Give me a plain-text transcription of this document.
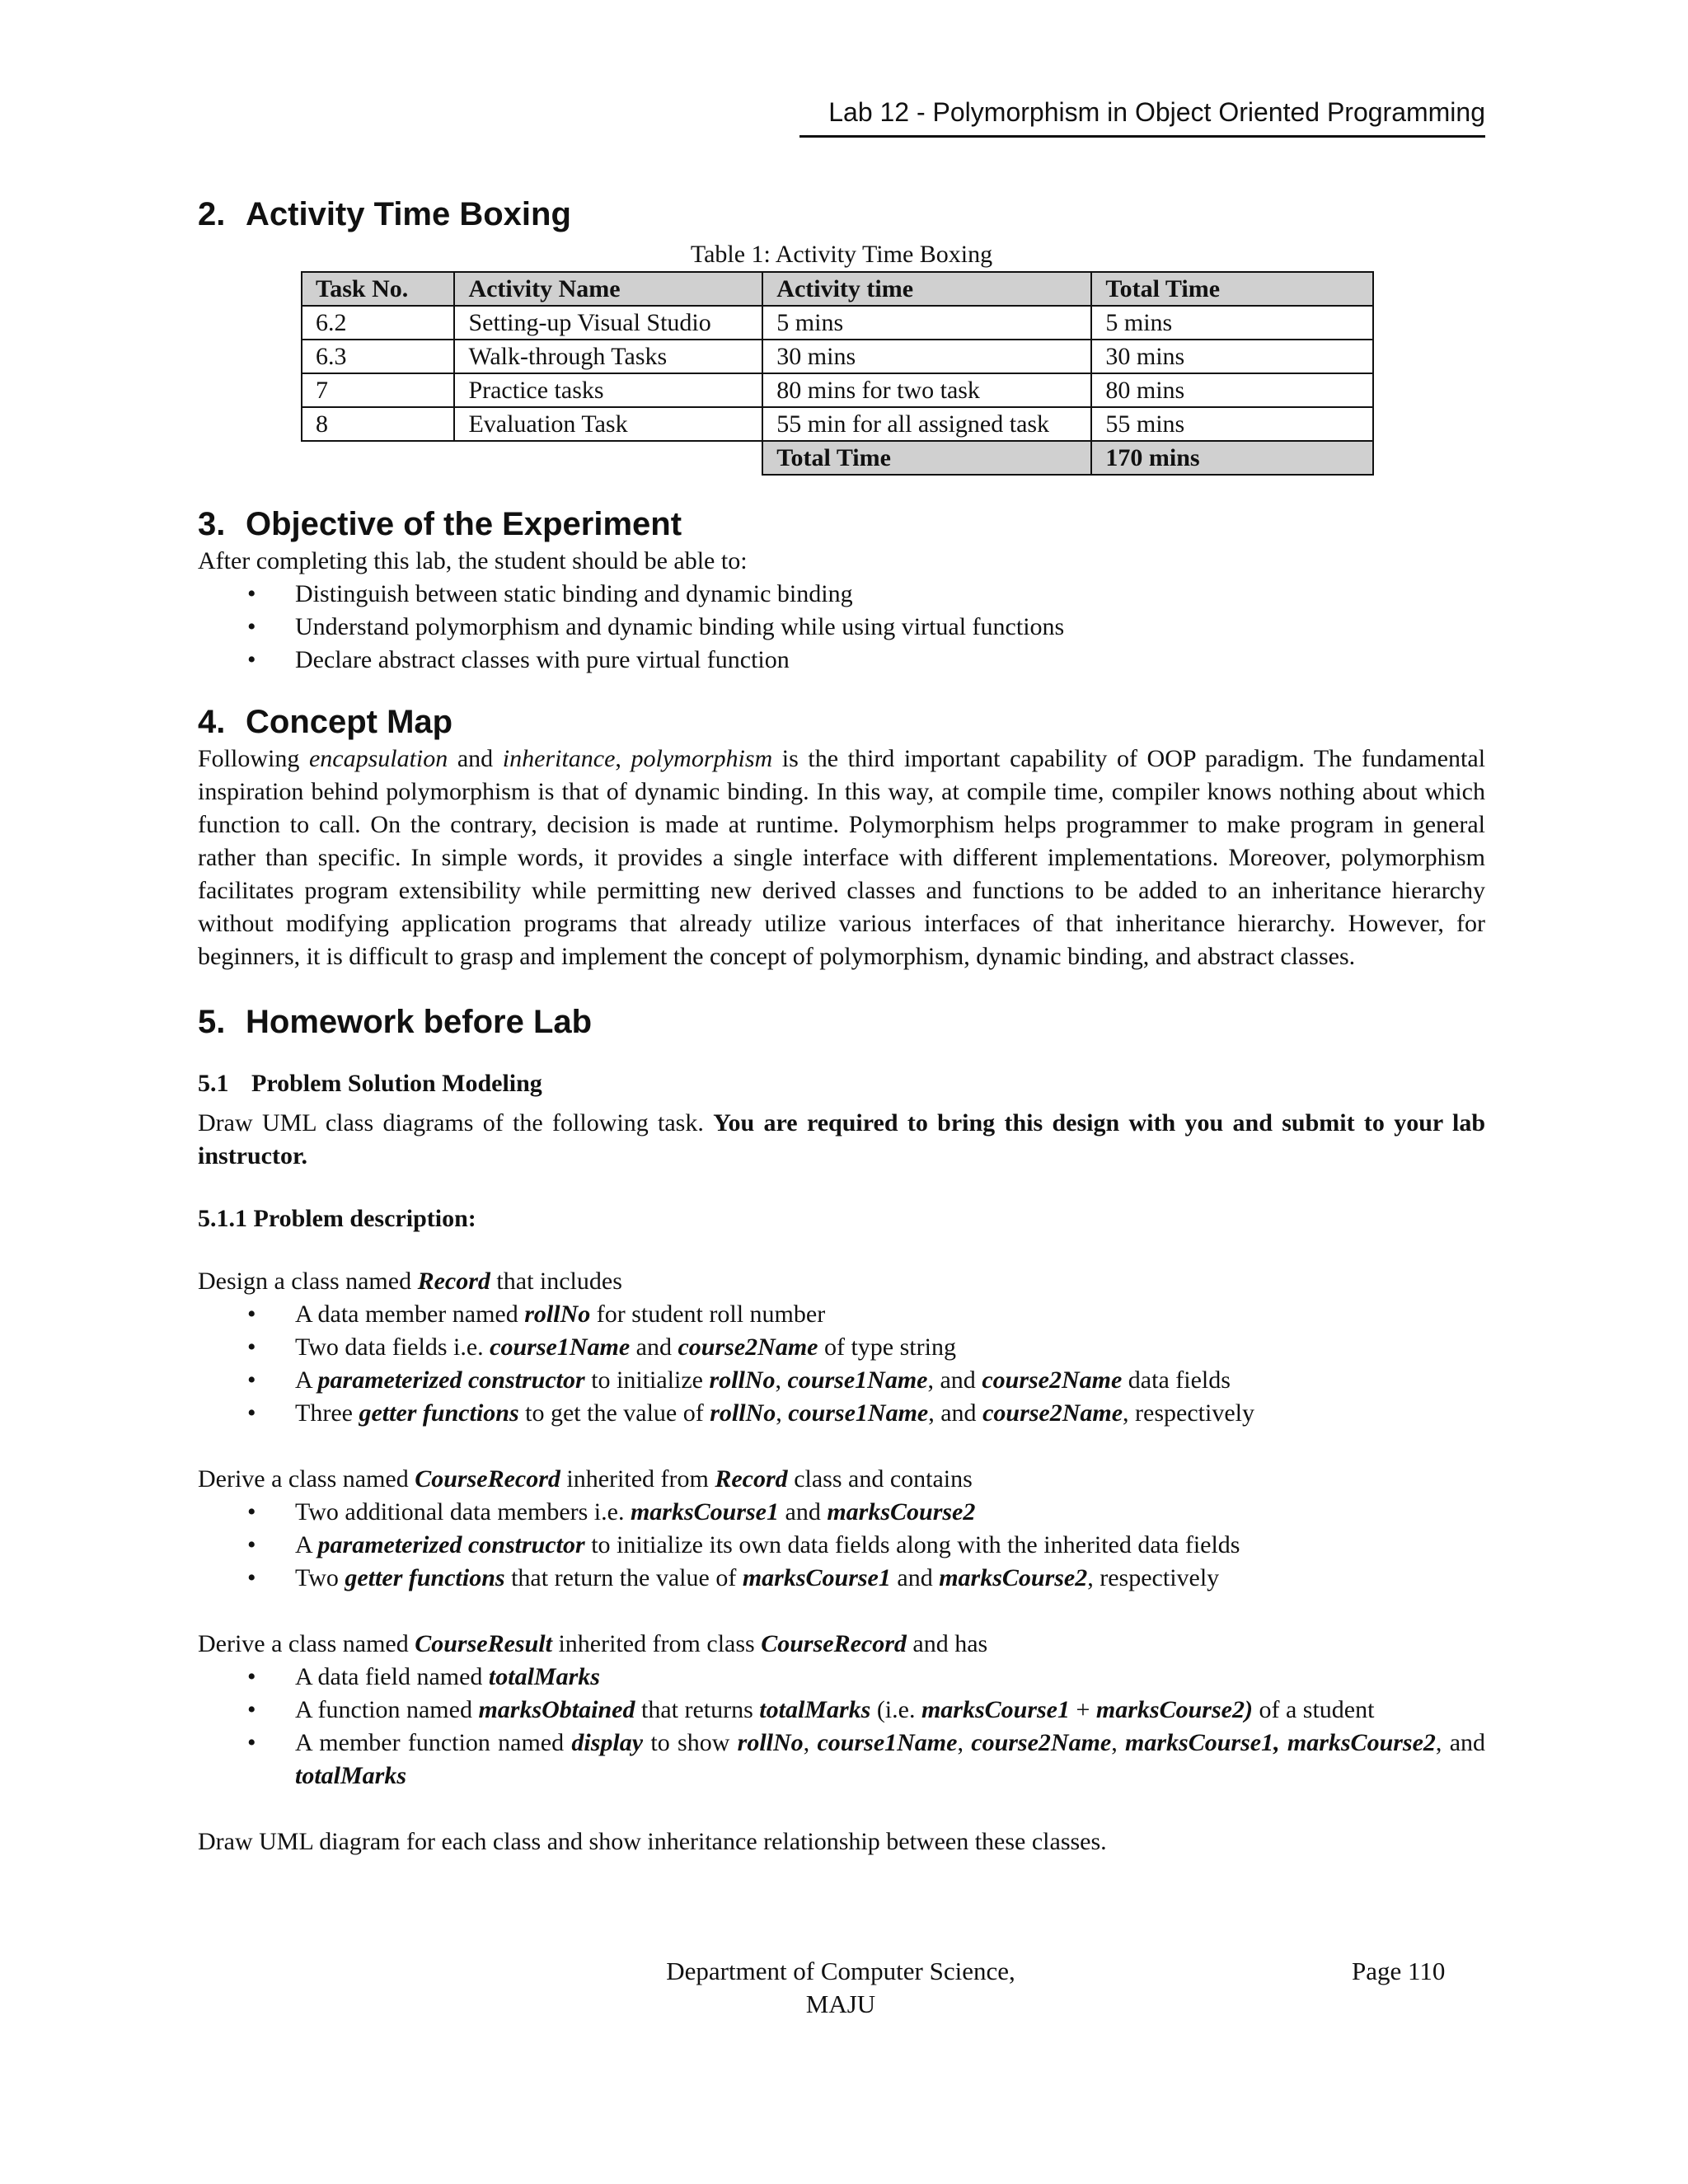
Lab 12 - Polymorphism in Object Oriented Programming
2. Activity Time Boxing

Table 1: Activity Time Boxing

Task No.	Activity Name	Activity time	Total Time
6.2	Setting-up Visual Studio	5 mins	5 mins
6.3	Walk-through Tasks	30 mins	30 mins
7	Practice tasks	80 mins for two task	80 mins
8	Evaluation Task	55 min for all assigned task	55 mins
		Total Time	170 mins
3. Objective of the Experiment

After completing this lab, the student should be able to:

• Distinguish between static binding and dynamic binding
• Understand polymorphism and dynamic binding while using virtual functions
• Declare abstract classes with pure virtual function
4. Concept Map

Following encapsulation and inheritance, polymorphism is the third important capability of OOP paradigm. The fundamental inspiration behind polymorphism is that of dynamic binding. In this way, at compile time, compiler knows nothing about which function to call. On the contrary, decision is made at runtime. Polymorphism helps programmer to make program in general rather than specific. In simple words, it provides a single interface with different implementations. Moreover, polymorphism facilitates program extensibility while permitting new derived classes and functions to be added to an inheritance hierarchy without modifying application programs that already utilize various interfaces of that inheritance hierarchy. However, for beginners, it is difficult to grasp and implement the concept of polymorphism, dynamic binding, and abstract classes.

5. Homework before Lab

5.1 Problem Solution Modeling

Draw UML class diagrams of the following task. You are required to bring this design with you and submit to your lab instructor.

5.1.1 Problem description:

Design a class named Record that includes

• A data member named rollNo for student roll number
• Two data fields i.e. course1Name and course2Name of type string
• A parameterized constructor to initialize rollNo, course1Name, and course2Name data fields
• Three getter functions to get the value of rollNo, course1Name, and course2Name, respectively

Derive a class named CourseRecord inherited from Record class and contains

• Two additional data members i.e. marksCourse1 and marksCourse2
• A parameterized constructor to initialize its own data fields along with the inherited data fields
• Two getter functions that return the value of marksCourse1 and marksCourse2, respectively

Derive a class named CourseResult inherited from class CourseRecord and has

• A data field named totalMarks
• A function named marksObtained that returns totalMarks (i.e. marksCourse1 + marksCourse2) of a student
• A member function named display to show rollNo, course1Name, course2Name, marksCourse1, marksCourse2, and totalMarks

Draw UML diagram for each class and show inheritance relationship between these classes.

Department of Computer Science,
MAJU
Page 110
